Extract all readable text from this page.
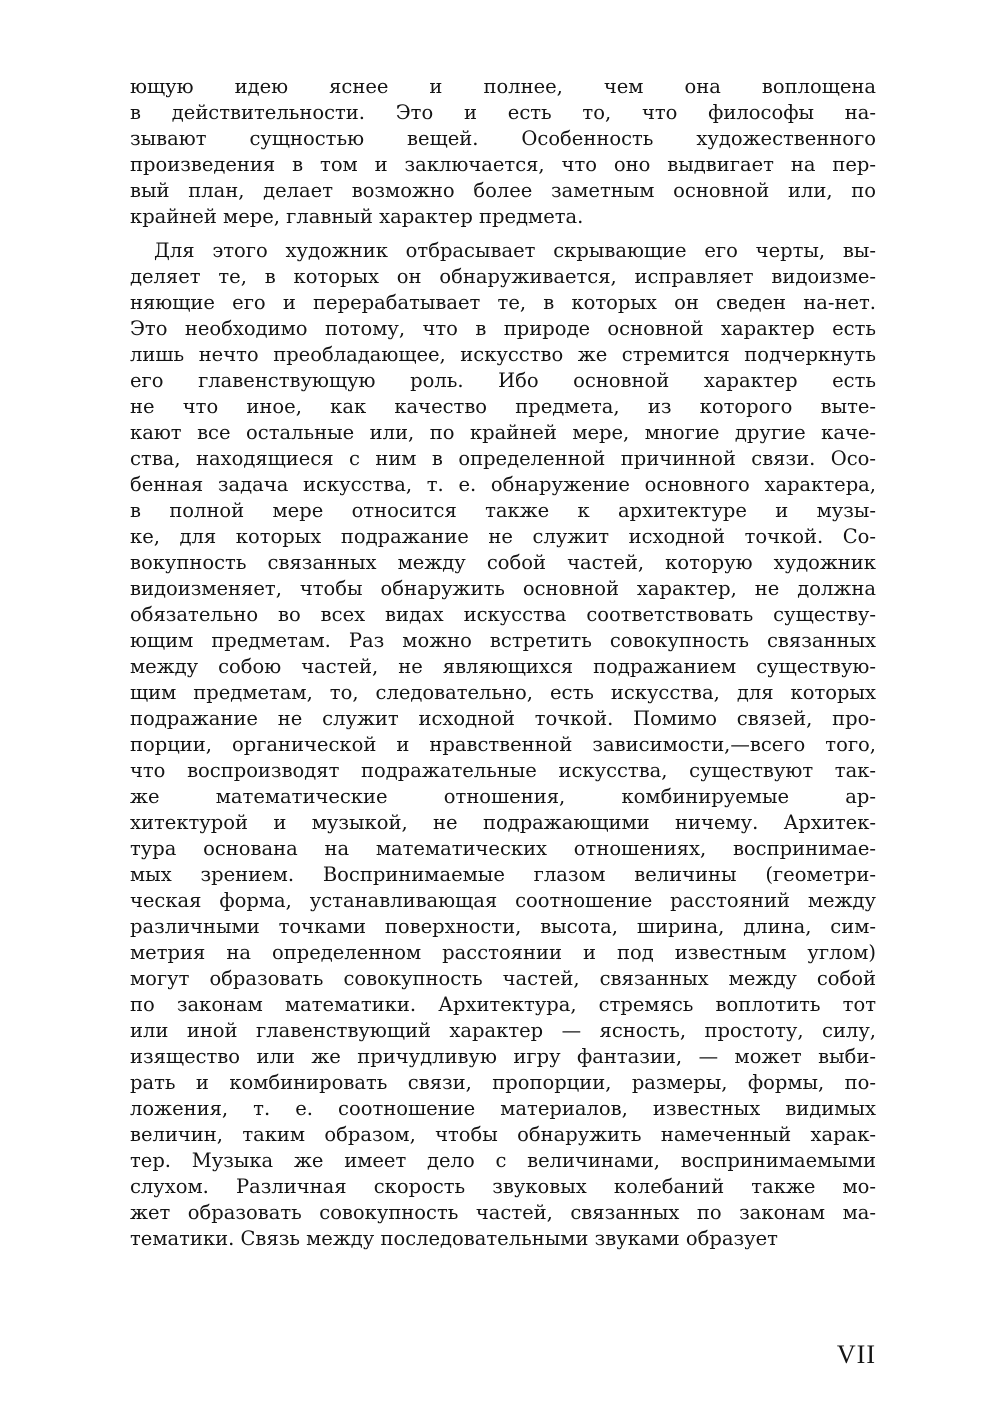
ющую идею яснее и полнее, чем она воплощена
в действительности. Это и есть то, что философы на-
зывают сущностью вещей. Особенность художественного
произведения в том и заключается, что оно выдвигает на пер-
вый план, делает возможно более заметным основной или, по
крайней мере, главный характер предмета.
Для этого художник отбрасывает скрывающие его черты, вы-
деляет те, в которых он обнаруживается, исправляет видоизме-
няющие его и перерабатывает те, в которых он сведен на-нет.
Это необходимо потому, что в природе основной характер есть
лишь нечто преобладающее, искусство же стремится подчеркнуть
его главенствующую роль. Ибо основной характер есть
не что иное, как качество предмета, из которого выте-
кают все остальные или, по крайней мере, многие другие каче-
ства, находящиеся с ним в определенной причинной связи. Осо-
бенная задача искусства, т. е. обнаружение основного характера,
в полной мере относится также к архитектуре и музы-
ке, для которых подражание не служит исходной точкой. Со-
вокупность связанных между собой частей, которую художник
видоизменяет, чтобы обнаружить основной характер, не должна
обязательно во всех видах искусства соответствовать существу-
ющим предметам. Раз можно встретить совокупность связанных
между собою частей, не являющихся подражанием существую-
щим предметам, то, следовательно, есть искусства, для которых
подражание не служит исходной точкой. Помимо связей, про-
порции, органической и нравственной зависимости,—всего того,
что воспроизводят подражательные искусства, существуют так-
же математические отношения, комбинируемые ар-
хитектурой и музыкой, не подражающими ничему. Архитек-
тура основана на математических отношениях, воспринимае-
мых зрением. Воспринимаемые глазом величины (геометри-
ческая форма, устанавливающая соотношение расстояний между
различными точками поверхности, высота, ширина, длина, сим-
метрия на определенном расстоянии и под известным углом)
могут образовать совокупность частей, связанных между собой
по законам математики. Архитектура, стремясь воплотить тот
или иной главенствующий характер — ясность, простоту, силу,
изящество или же причудливую игру фантазии, — может выби-
рать и комбинировать связи, пропорции, размеры, формы, по-
ложения, т. е. соотношение материалов, известных видимых
величин, таким образом, чтобы обнаружить намеченный харак-
тер. Музыка же имеет дело с величинами, воспринимаемыми
слухом. Различная скорость звуковых колебаний также мо-
жет образовать совокупность частей, связанных по законам ма-
тематики. Связь между последовательными звуками образует
VII
